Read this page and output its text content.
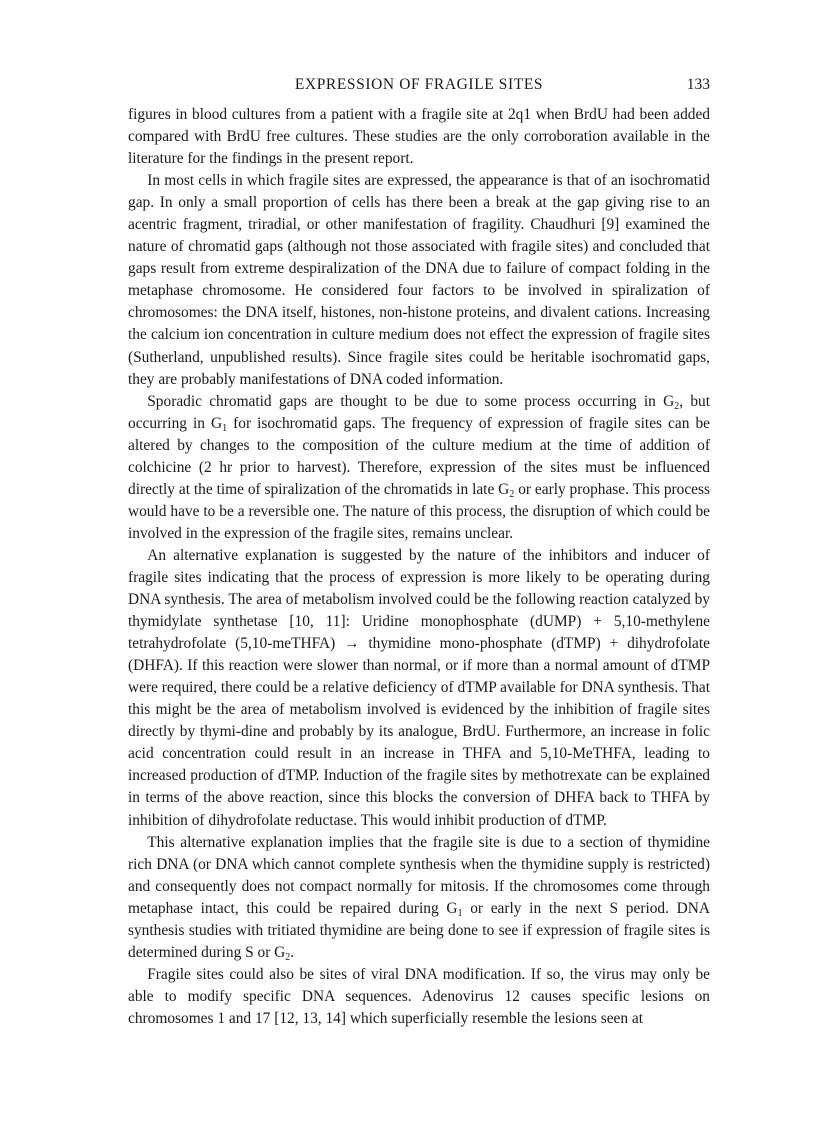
EXPRESSION OF FRAGILE SITES	133

figures in blood cultures from a patient with a fragile site at 2q1 when BrdU had been added compared with BrdU free cultures. These studies are the only corroboration available in the literature for the findings in the present report.

In most cells in which fragile sites are expressed, the appearance is that of an isochromatid gap. In only a small proportion of cells has there been a break at the gap giving rise to an acentric fragment, triradial, or other manifestation of fragility. Chaudhuri [9] examined the nature of chromatid gaps (although not those associated with fragile sites) and concluded that gaps result from extreme despiralization of the DNA due to failure of compact folding in the metaphase chromosome. He considered four factors to be involved in spiralization of chromosomes: the DNA itself, histones, non-histone proteins, and divalent cations. Increasing the calcium ion concentration in culture medium does not effect the expression of fragile sites (Sutherland, unpublished results). Since fragile sites could be heritable isochromatid gaps, they are probably manifestations of DNA coded information.

Sporadic chromatid gaps are thought to be due to some process occurring in $G_2$, but occurring in $G_1$ for isochromatid gaps. The frequency of expression of fragile sites can be altered by changes to the composition of the culture medium at the time of addition of colchicine (2 hr prior to harvest). Therefore, expression of the sites must be influenced directly at the time of spiralization of the chromatids in late $G_2$ or early prophase. This process would have to be a reversible one. The nature of this process, the disruption of which could be involved in the expression of the fragile sites, remains unclear.

An alternative explanation is suggested by the nature of the inhibitors and inducer of fragile sites indicating that the process of expression is more likely to be operating during DNA synthesis. The area of metabolism involved could be the following reaction catalyzed by thymidylate synthetase [10, 11]: Uridine monophosphate (dUMP) + 5,10-methylene tetrahydrofolate (5,10-meTHFA) → thymidine mono-phosphate (dTMP) + dihydrofolate (DHFA). If this reaction were slower than normal, or if more than a normal amount of dTMP were required, there could be a relative deficiency of dTMP available for DNA synthesis. That this might be the area of metabolism involved is evidenced by the inhibition of fragile sites directly by thymi-dine and probably by its analogue, BrdU. Furthermore, an increase in folic acid concentration could result in an increase in THFA and 5,10-MeTHFA, leading to increased production of dTMP. Induction of the fragile sites by methotrexate can be explained in terms of the above reaction, since this blocks the conversion of DHFA back to THFA by inhibition of dihydrofolate reductase. This would inhibit production of dTMP.

This alternative explanation implies that the fragile site is due to a section of thymidine rich DNA (or DNA which cannot complete synthesis when the thymidine supply is restricted) and consequently does not compact normally for mitosis. If the chromosomes come through metaphase intact, this could be repaired during $G_1$ or early in the next S period. DNA synthesis studies with tritiated thymidine are being done to see if expression of fragile sites is determined during S or $G_2$.

Fragile sites could also be sites of viral DNA modification. If so, the virus may only be able to modify specific DNA sequences. Adenovirus 12 causes specific lesions on chromosomes 1 and 17 [12, 13, 14] which superficially resemble the lesions seen at
